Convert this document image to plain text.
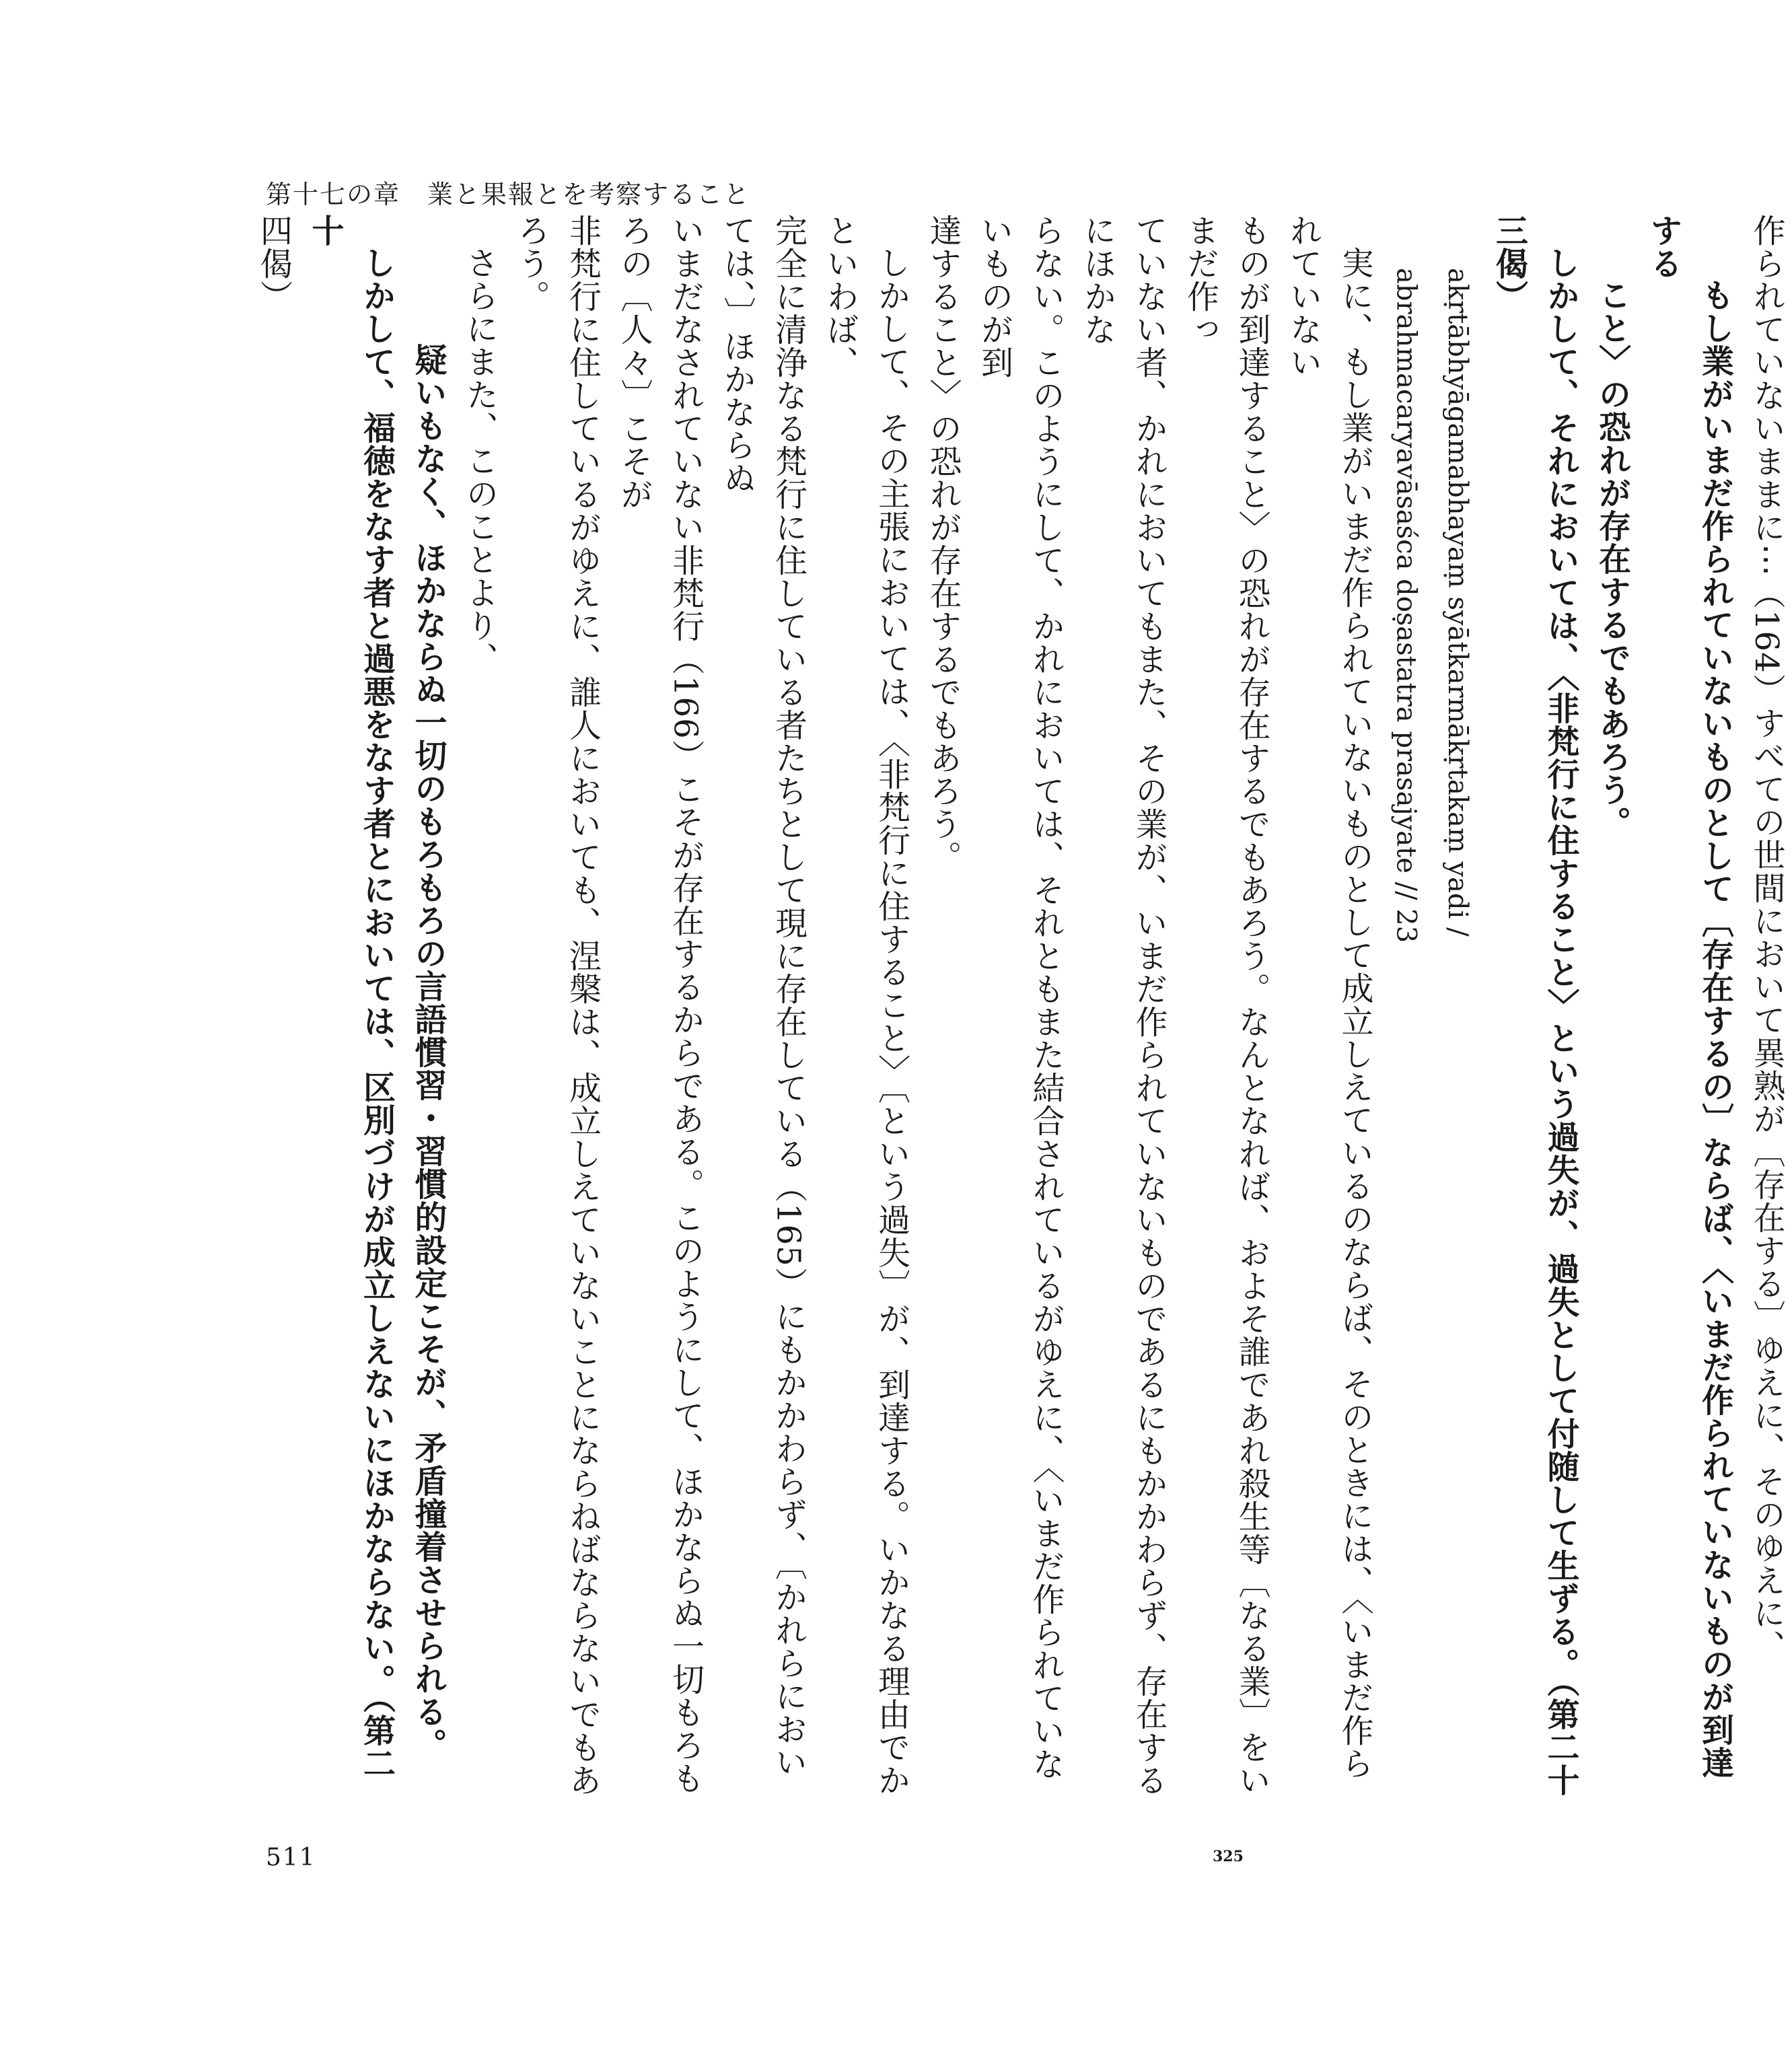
第十七の章　業と果報とを考察すること

作られていないままに⋯（164）すべての世間において異熟が〔存在する〕ゆえに、そのゆえに、

もし業がいまだ作られていないものとして〔存在するの〕ならば、〈いまだ作られていないものが到達する

こと〉の恐れが存在するでもあろう。

しかして、それにおいては、〈非梵行に住すること〉という過失が、過失として付随して生ずる。（第二十三偈）

akṛtābhyāgamabhayaṃ syātkarmākṛtakaṃ yadi /

abrahmacaryavāsaśca doṣastatra prasajyate // 23

実に、もし業がいまだ作られていないものとして成立しえているのならば、そのときには、〈いまだ作られていない

ものが到達すること〉の恐れが存在するでもあろう。なんとなれば、およそ誰であれ殺生等〔なる業〕をいまだ作っ

ていない者、かれにおいてもまた、その業が、いまだ作られていないものであるにもかかわらず、存在するにほかな

らない。このようにして、かれにおいては、それともまた結合されているがゆえに、〈いまだ作られていないものが到

達すること〉の恐れが存在するでもあろう。

しかして、その主張においては、〈非梵行に住すること〉〔という過失〕が、到達する。いかなる理由でかといわば、

完全に清浄なる梵行に住している者たちとして現に存在している（165）にもかかわらず、〔かれらにおいては、〕ほかならぬ

いまだなされていない非梵行（166）こそが存在するからである。このようにして、ほかならぬ一切もろもろの〔人々〕こそが

非梵行に住しているがゆえに、誰人においても、涅槃は、成立しえていないことにならねばならないでもあろう。

さらにまた、このことより、

疑いもなく、ほかならぬ一切のもろもろの言語慣習・習慣的設定こそが、矛盾撞着させられる。

しかして、福徳をなす者と過悪をなす者とにおいては、区別づけが成立しえないにほかならない。（第二十

四偈）

325
511
